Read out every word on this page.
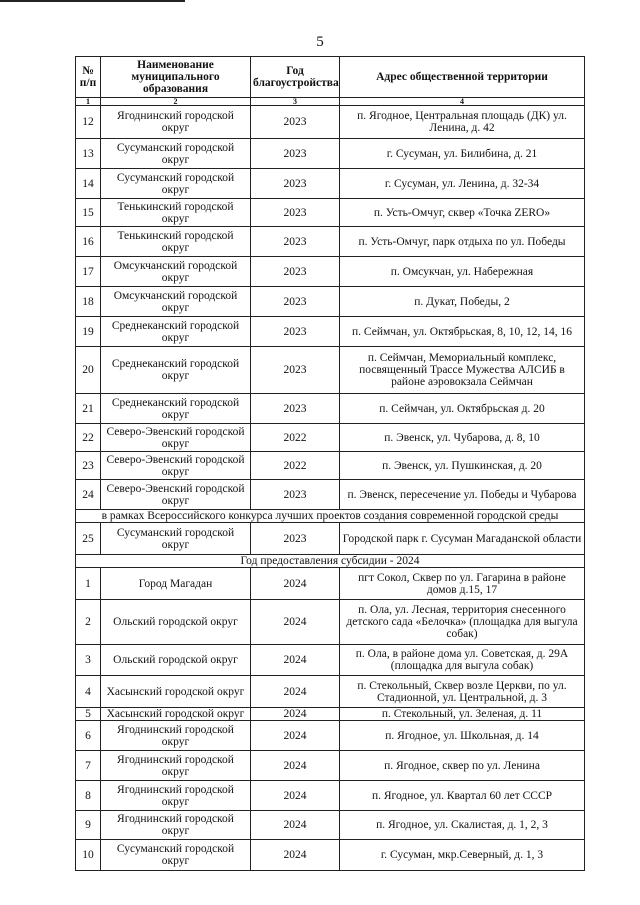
5
№ п/п	Наименование муниципального образования	Год благоустройства	Адрес общественной территории
1	2	3	4
12	Ягоднинский городской округ	2023	п. Ягодное, Центральная площадь (ДК) ул. Ленина, д. 42
13	Сусуманский городской округ	2023	г. Сусуман, ул. Билибина, д. 21
14	Сусуманский городской округ	2023	г. Сусуман, ул. Ленина, д. 32-34
15	Тенькинский городской округ	2023	п. Усть-Омчуг, сквер «Точка ZERO»
16	Тенькинский городской округ	2023	п. Усть-Омчуг, парк отдыха по ул. Победы
17	Омсукчанский городской округ	2023	п. Омсукчан, ул. Набережная
18	Омсукчанский городской округ	2023	п. Дукат, Победы, 2
19	Среднеканский городской округ	2023	п. Сеймчан, ул. Октябрьская, 8, 10, 12, 14, 16
20	Среднеканский городской округ	2023	п. Сеймчан, Мемориальный комплекс, посвященный Трассе Мужества АЛСИБ в районе аэровокзала Сеймчан
21	Среднеканский городской округ	2023	п. Сеймчан, ул. Октябрьская д. 20
22	Северо-Эвенский городской округ	2022	п. Эвенск, ул. Чубарова, д. 8, 10
23	Северо-Эвенский городской округ	2022	п. Эвенск, ул. Пушкинская, д. 20
24	Северо-Эвенский городской округ	2023	п. Эвенск, пересечение ул. Победы и Чубарова
в рамках Всероссийского конкурса лучших проектов создания современной городской среды			
25	Сусуманский городской округ	2023	Городской парк г. Сусуман Магаданской области
Год предоставления субсидии - 2024			
1	Город Магадан	2024	пгт Сокол, Сквер по ул. Гагарина в районе домов д.15, 17
2	Ольский городской округ	2024	п. Ола, ул. Лесная, территория снесенного детского сада «Белочка» (площадка для выгула собак)
3	Ольский городской округ	2024	п. Ола, в районе дома ул. Советская, д. 29А (площадка для выгула собак)
4	Хасынский городской округ	2024	п. Стекольный, Сквер возле Церкви, по ул. Стадионной, ул. Центральной, д. 3
5	Хасынский городской округ	2024	п. Стекольный, ул. Зеленая, д. 11
6	Ягоднинский городской округ	2024	п. Ягодное, ул. Школьная, д. 14
7	Ягоднинский городской округ	2024	п. Ягодное, сквер по ул. Ленина
8	Ягоднинский городской округ	2024	п. Ягодное, ул. Квартал 60 лет СССР
9	Ягоднинский городской округ	2024	п. Ягодное, ул. Скалистая, д. 1, 2, 3
10	Сусуманский городской округ	2024	г. Сусуман, мкр.Северный, д. 1, 3
